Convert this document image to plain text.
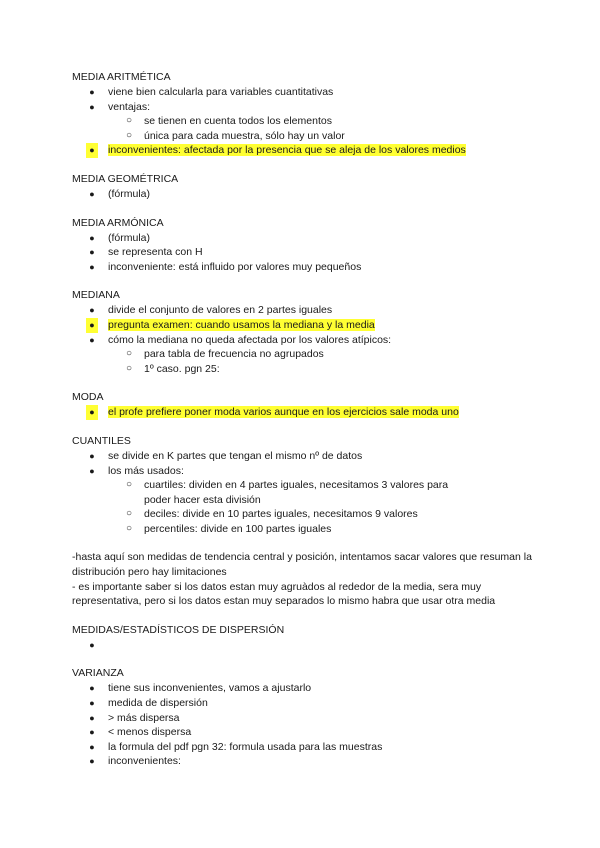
MEDIA ARITMÉTICA
●	viene bien calcularla para variables cuantitativas
●	ventajas:
○ se tienen en cuenta todos los elementos
○ única para cada muestra, sólo hay un valor
●	inconvenientes: afectada por la presencia que se aleja de los valores medios
MEDIA GEOMÉTRICA
●	(fórmula)
MEDIA ARMÓNICA
●	(fórmula)
●	se representa con H
●	inconveniente: está influido por valores muy pequeños
MEDIANA
●	divide el conjunto de valores en 2 partes iguales
●	pregunta examen: cuando usamos la mediana y la media
●	cómo la mediana no queda afectada por los valores atípicos:
○ para tabla de frecuencia no agrupados
○ 1º caso. pgn 25:
MODA
●	el profe prefiere poner moda varios aunque en los ejercicios sale moda uno
CUANTILES
●	se divide en K partes que tengan el mismo nº de datos
●	los más usados:
○ cuartiles: dividen en 4 partes iguales, necesitamos 3 valores para poder hacer esta división
○ deciles: divide en 10 partes iguales, necesitamos 9 valores
○ percentiles: divide en 100 partes iguales

-hasta aquí son medidas de tendencia central y posición, intentamos sacar valores que resuman la distribución pero hay limitaciones

- es importante saber si los datos estan muy agruàdos al rededor de la media, sera muy representativa, pero si los datos estan muy separados lo mismo habra que usar otra media

MEDIDAS/ESTADÍSTICOS DE DISPERSIÓN
●
VARIANZA
●	tiene sus inconvenientes, vamos a ajustarlo
●	medida de dispersión
●	> más dispersa
●	< menos dispersa
●	la formula del pdf pgn 32: formula usada para las muestras
●	inconvenientes:
